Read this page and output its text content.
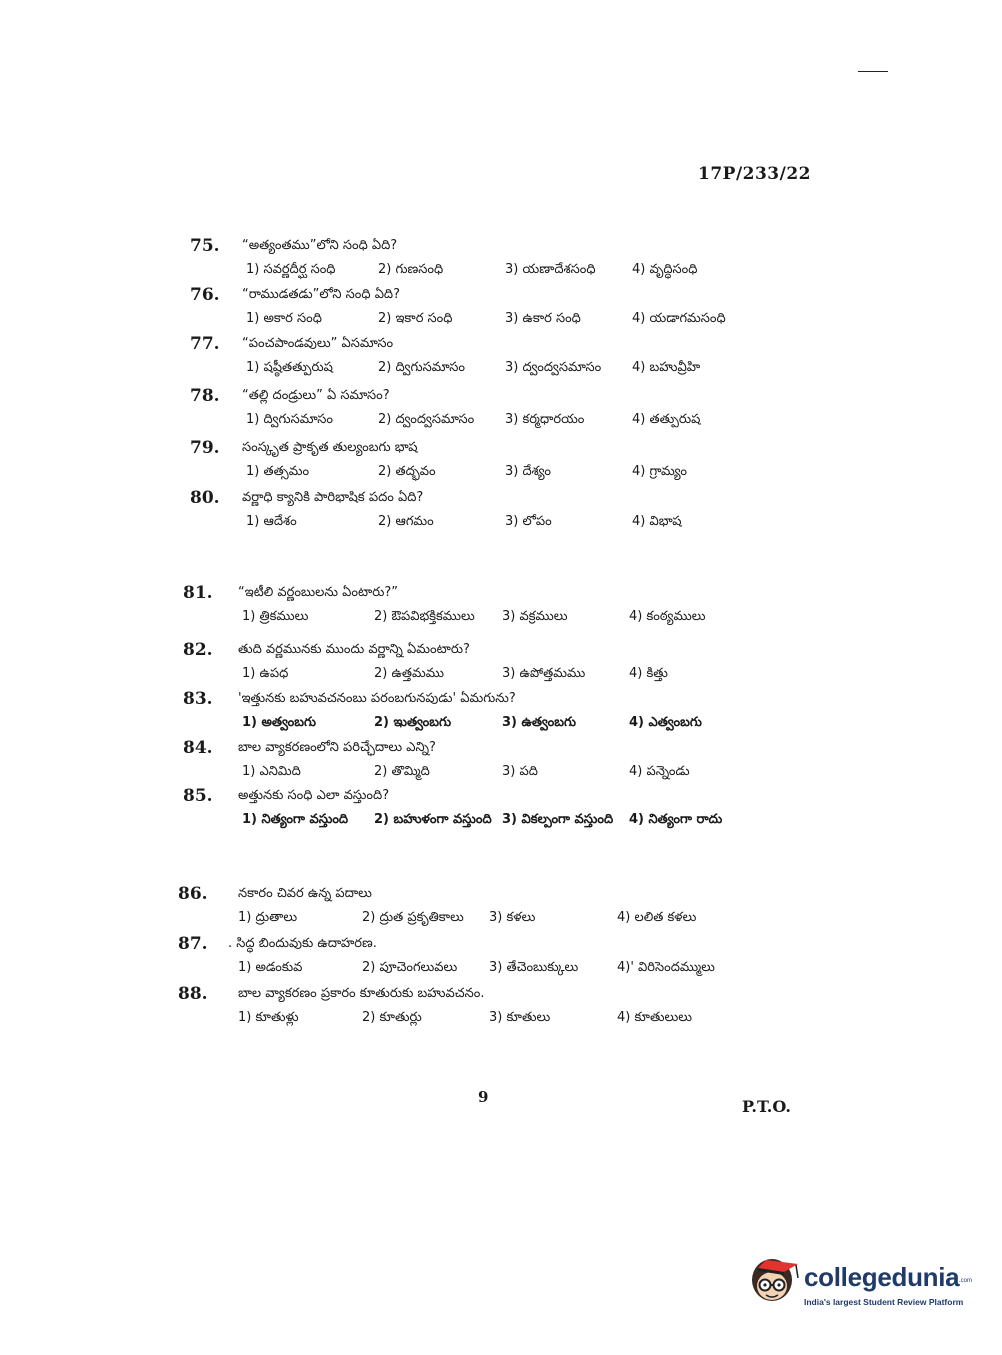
17P/233/22
75. “అత్యంతము”లోని సంధి ఏది?
1) సవర్ణదీర్ఘ సంధి	2) గుణసంధి	3) యణాదేశసంధి	4) వృద్ధిసంధి
76. “రాముడతడు”లోని సంధి ఏది?
1) అకార సంధి	2) ఇకార సంధి	3) ఉకార సంధి	4) యడాగమసంధి
77. “పంచపాండవులు” ఏసమాసం
1) షష్ఠీతత్పురుష	2) ద్విగుసమాసం	3) ద్వంద్వసమాసం 4) బహువ్రీహి
78. “తల్లి దండ్రులు” ఏ సమాసం?
1) ద్విగుసమాసం	2) ద్వంద్వసమాసం 3) కర్మధారయం	4) తత్పురుష
79. సంస్కృత ప్రాకృత తుల్యంబగు భాష
1) తత్సమం	2) తద్భవం	3) దేశ్యం	4) గ్రామ్యం
80. వర్ణాధి క్యానికి పారిభాషిక పదం ఏది?
1) ఆదేశం	2) ఆగమం	3) లోపం	4) విభాష
81. “ఇటీలి వర్ణంబులను ఏంటారు?”
1) త్రికములు	2) ఔపవిభక్తికములు 3) వక్రములు	4) కంఠ్యములు
82. తుది వర్ణమునకు ముందు వర్ణాన్ని ఏమంటారు?
1) ఉపధ	2) ఉత్తమము	3) ఉపోత్తమము	4) కిత్తు
83. 'ఇత్తునకు బహువచనంబు పరంబగునపుడు' ఏమగును?
1) అత్వంబగు	2) ఇుత్వంబగు	3) ఉత్వంబగు	4) ఎత్వంబగు
84. బాల వ్యాకరణంలోని పరిచ్ఛేదాలు ఎన్ని?
1) ఎనిమిది	2) తొమ్మిది	3) పది	4) పన్నెండు
85. అత్తునకు సంధి ఎలా వస్తుంది?
1) నిత్యంగా వస్తుంది 2) బహుళంగా వస్తుంది 3) వికల్పంగా వస్తుంది 4) నిత్యంగా రాదు
86. నకారం చివర ఉన్న పదాలు
1) ద్రుతాలు	2) ద్రుత ప్రకృతికాలు 3) కళలు	4) లలిత కళలు
87. . సిద్ధ బిందువుకు ఉదాహరణ.
1) అడంకువ	2) పూచెంగలువలు 3) తేచెంబుక్కులు	4)' విరిసెందమ్ములు
88. బాల వ్యాకరణం ప్రకారం కూతురుకు బహువచనం.
1) కూతుళ్లు	2) కూతుర్లు	3) కూతులు	4) కూతులులు
9	P.T.O.
collegedunia .com
India's largest Student Review Platform
